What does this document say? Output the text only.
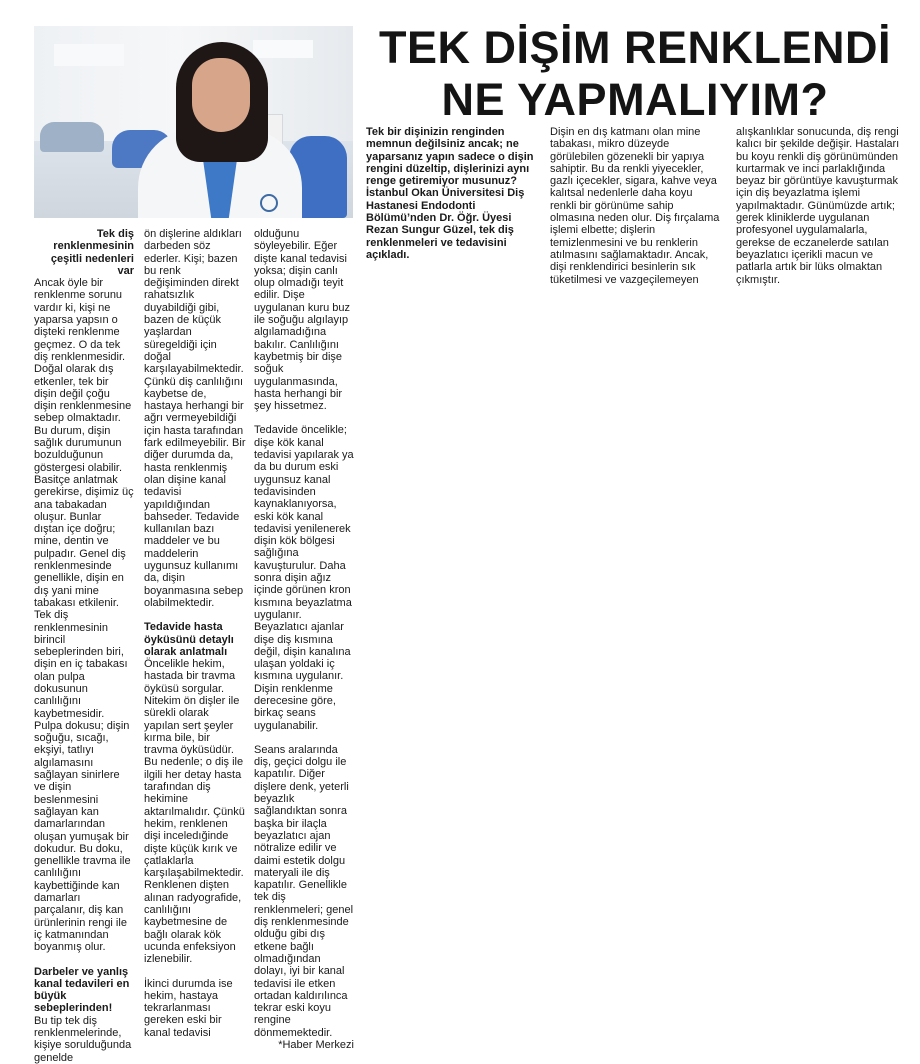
TEK DİŞİM RENKLENDİ
NE YAPMALIYIM?

Tek diş renklenmesinin çeşitli nedenleri var

Ancak öyle bir renklenme sorunu vardır ki, kişi ne yaparsa yapsın o dişteki renklenme geçmez. O da tek diş renklenmesidir. Doğal olarak dış etkenler, tek bir dişin değil çoğu dişin renklenmesine sebep olmaktadır. Bu durum, dişin sağlık durumunun bozulduğunun göstergesi olabilir. Basitçe anlatmak gerekirse, dişimiz üç ana tabakadan oluşur. Bunlar dıştan içe doğru; mine, dentin ve pulpadır. Genel diş renklenmesinde genellikle, dişin en dış yani mine tabakası etkilenir. Tek diş renklenmesinin birincil sebeplerinden biri, dişin en iç tabakası olan pulpa dokusunun canlılığını kaybetmesidir. Pulpa dokusu; dişin soğuğu, sıcağı, ekşiyi, tatlıyı algılamasını sağlayan sinirlere ve dişin beslenmesini sağlayan kan damarlarından oluşan yumuşak bir dokudur. Bu doku, genellikle travma ile canlılığını kaybettiğinde kan damarları parçalanır, diş kan ürünlerinin rengi ile iç katmanından boyanmış olur.

Darbeler ve yanlış kanal tedavileri en büyük sebeplerinden!

Bu tip tek diş renklenmelerinde, kişiye sorulduğunda genelde

ön dişlerine aldıkları darbeden söz ederler. Kişi; bazen bu renk değişiminden direkt rahatsızlık duyabildiği gibi, bazen de küçük yaşlardan süregeldiği için doğal karşılayabilmektedir. Çünkü diş canlılığını kaybetse de, hastaya herhangi bir ağrı vermeyebildiği için hasta tarafından fark edilmeyebilir. Bir diğer durumda da, hasta renklenmiş olan dişine kanal tedavisi yapıldığından bahseder. Tedavide kullanılan bazı maddeler ve bu maddelerin uygunsuz kullanımı da, dişin boyanmasına sebep olabilmektedir.

Tedavide hasta öyküsünü detaylı olarak anlatmalı

Öncelikle hekim, hastada bir travma öyküsü sorgular. Nitekim ön dişler ile sürekli olarak yapılan sert şeyler kırma bile, bir travma öyküsüdür. Bu nedenle; o diş ile ilgili her detay hasta tarafından diş hekimine aktarılmalıdır. Çünkü hekim, renklenen dişi inceledığinde dişte küçük kırık ve çatlaklarla karşılaşabilmektedir. Renklenen dişten alınan radyografide, canlılığını kaybetmesine de bağlı olarak kök ucunda enfeksiyon izlenebilir.

İkinci durumda ise hekim, hastaya tekrarlanması gereken eski bir kanal tedavisi

olduğunu söyleyebilir. Eğer dişte kanal tedavisi yoksa; dişin canlı olup olmadığı teyit edilir. Dişe uygulanan kuru buz ile soğuğu algılayıp algılamadığına bakılır. Canlılığını kaybetmiş bir dişe soğuk uygulanmasında, hasta herhangi bir şey hissetmez.

Tedavide öncelikle; dişe kök kanal tedavisi yapılarak ya da bu durum eski uygunsuz kanal tedavisinden kaynaklanıyorsa, eski kök kanal tedavisi yenilenerek dişin kök bölgesi sağlığına kavuşturulur. Daha sonra dişin ağız içinde görünen kron kısmına beyazlatma uygulanır. Beyazlatıcı ajanlar dişe diş kısmına değil, dişin kanalına ulaşan yoldaki iç kısmına uygulanır. Dişin renklenme derecesine göre, birkaç seans uygulanabilir.

Seans aralarında diş, geçici dolgu ile kapatılır. Diğer dişlere denk, yeterli beyazlık sağlandıktan sonra başka bir ilaçla beyazlatıcı ajan nötralize edilir ve daimi estetik dolgu materyali ile diş kapatılır. Genellikle tek diş renklenmeleri; genel diş renklenmesinde olduğu gibi dış etkene bağlı olmadığından dolayı, iyi bir kanal tedavisi ile etken ortadan kaldırılınca tekrar eski koyu rengine dönmemektedir.

*Haber Merkezi

Tek bir dişinizin renginden memnun değilsiniz ancak; ne yaparsanız yapın sadece o dişin rengini düzeltip, dişlerinizi aynı renge getiremiyor musunuz? İstanbul Okan Üniversitesi Diş Hastanesi Endodonti Bölümü’nden Dr. Öğr. Üyesi Rezan Sungur Güzel, tek diş renklenmeleri ve tedavisini açıkladı.

Dişin en dış katmanı olan mine tabakası, mikro düzeyde görülebilen gözenekli bir yapıya sahiptir. Bu da renkli yiyecekler, gazlı içecekler, sigara, kahve veya kalıtsal nedenlerle daha koyu renkli bir görünüme sahip olmasına neden olur. Diş fırçalama işlemi elbette; dişlerin temizlenmesini ve bu renklerin atılmasını sağlamaktadır. Ancak, dişi renklendirici besinlerin sık tüketilmesi ve vazgeçilemeyen

alışkanlıklar sonucunda, diş rengi kalıcı bir şekilde değişir. Hastaları bu koyu renkli diş görünümünden kurtarmak ve inci parlaklığında beyaz bir görüntüye kavuşturmak için diş beyazlatma işlemi yapılmaktadır. Günümüzde artık; gerek kliniklerde uygulanan profesyonel uygulamalarla, gerekse de eczanelerde satılan beyazlatıcı içerikli macun ve patlarla artık bir lüks olmaktan çıkmıştır.
